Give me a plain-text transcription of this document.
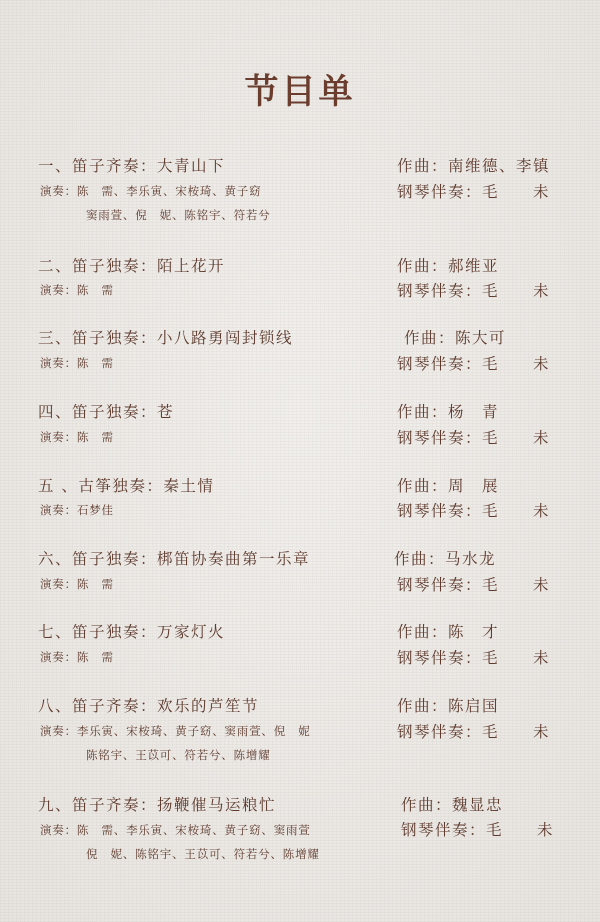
节目单
一、笛子齐奏：大青山下	作曲：南维德、李镇
演奏：陈　需、李乐寅、宋桉琦、黄子窈	钢琴伴奏：毛　　未
窦雨萱、倪　妮、陈铭宇、符若兮
二、笛子独奏：陌上花开	作曲：郝维亚
演奏：陈　需	钢琴伴奏：毛　　未
三、笛子独奏：小八路勇闯封锁线	作曲：陈大可
演奏：陈　需	钢琴伴奏：毛　　未
四、笛子独奏：苍	作曲：杨　青
演奏：陈　需	钢琴伴奏：毛　　未
五 、古筝独奏：秦土情	作曲：周　展
演奏：石梦佳	钢琴伴奏：毛　　未
六、笛子独奏：梆笛协奏曲第一乐章	作曲：马水龙
演奏：陈　需	钢琴伴奏：毛　　未
七、笛子独奏：万家灯火	作曲：陈　才
演奏：陈　需	钢琴伴奏：毛　　未
八、笛子齐奏：欢乐的芦笙节	作曲：陈启国
演奏：李乐寅、宋桉琦、黄子窈、窦雨萱、倪　妮	钢琴伴奏：毛　　未
陈铭宇、王苡可、符若兮、陈增耀
九、笛子齐奏：扬鞭催马运粮忙	作曲：魏显忠
演奏：陈　需、李乐寅、宋桉琦、黄子窈、窦雨萱	钢琴伴奏：毛　　未
倪　妮、陈铭宇、王苡可、符若兮、陈增耀
